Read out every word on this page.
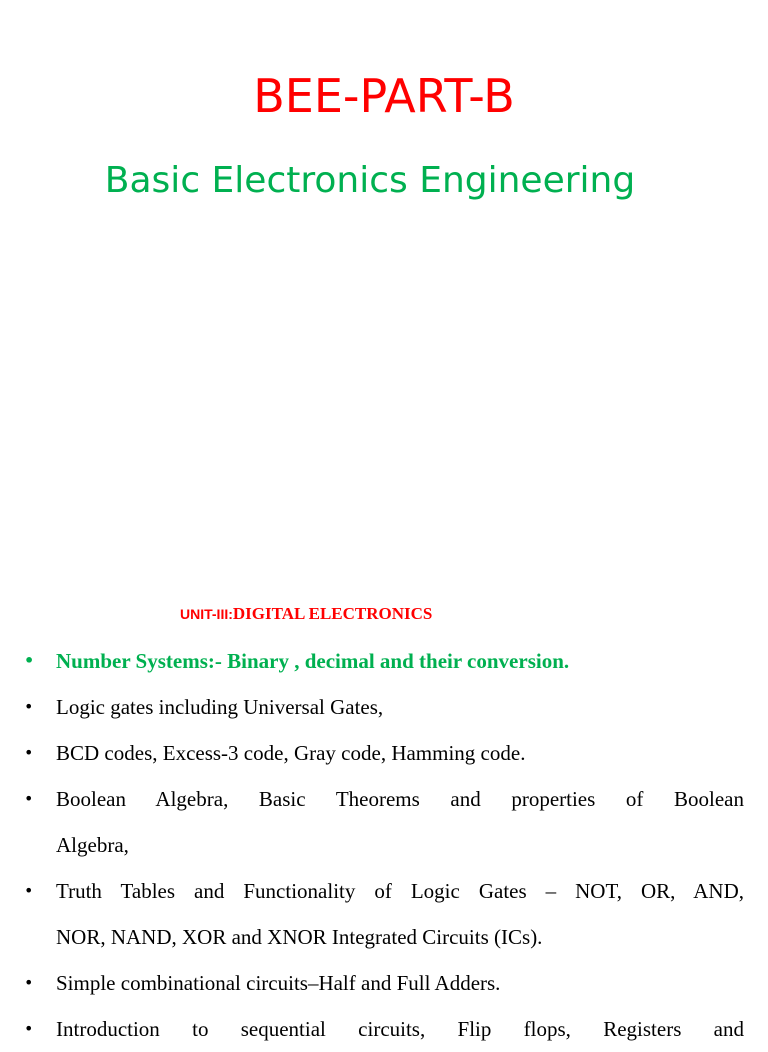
BEE-PART-B
Basic Electronics Engineering
UNIT-III:DIGITAL ELECTRONICS
• Number Systems:- Binary , decimal and their conversion.
• Logic gates including Universal Gates,
• BCD codes, Excess-3 code, Gray code, Hamming code.
• Boolean Algebra, Basic Theorems and properties of Boolean
Algebra,
• Truth Tables and Functionality of Logic Gates – NOT, OR, AND,
NOR, NAND, XOR and XNOR Integrated Circuits (ICs).
• Simple combinational circuits–Half and Full Adders.
• Introduction to sequential circuits, Flip flops, Registers and
